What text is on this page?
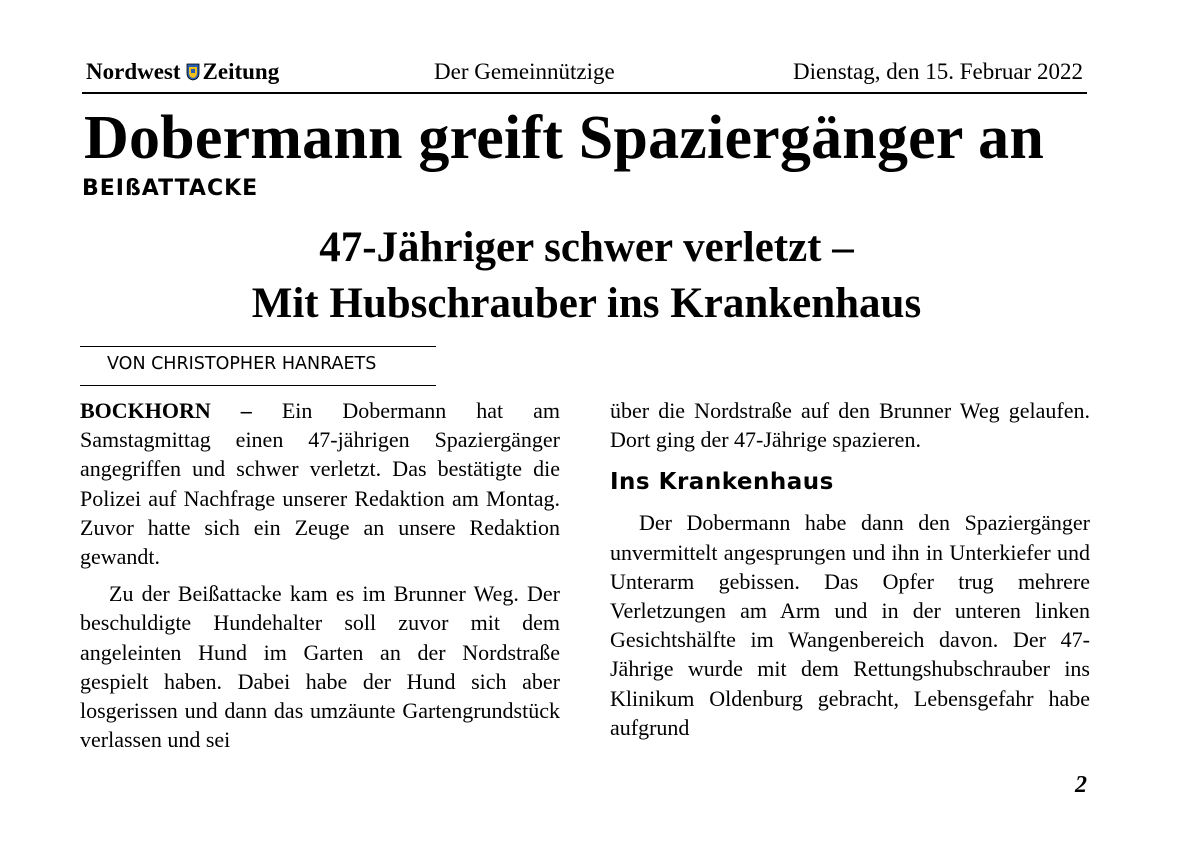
Nordwest Zeitung	Der Gemeinnützige	Dienstag, den 15. Februar 2022
Dobermann greift Spaziergänger an
BEIßATTACKE
47-Jähriger schwer verletzt –
Mit Hubschrauber ins Krankenhaus
VON CHRISTOPHER HANRAETS

BOCKHORN – Ein Dobermann hat am Samstagmittag einen 47-jährigen Spaziergänger angegriffen und schwer verletzt. Das bestätigte die Polizei auf Nachfrage unserer Redaktion am Montag. Zuvor hatte sich ein Zeuge an unsere Redaktion gewandt.

Zu der Beißattacke kam es im Brunner Weg. Der beschuldigte Hundehalter soll zuvor mit dem angeleinten Hund im Garten an der Nordstraße gespielt haben. Dabei habe der Hund sich aber losgerissen und dann das umzäunte Gartengrundstück verlassen und sei

über die Nordstraße auf den Brunner Weg gelaufen. Dort ging der 47-Jährige spazieren.

Ins Krankenhaus

Der Dobermann habe dann den Spaziergänger unvermittelt angesprungen und ihn in Unterkiefer und Unterarm gebissen. Das Opfer trug mehrere Verletzungen am Arm und in der unteren linken Gesichtshälfte im Wangenbereich davon. Der 47-Jährige wurde mit dem Rettungshubschrauber ins Klinikum Oldenburg gebracht, Lebensgefahr habe aufgrund

2
